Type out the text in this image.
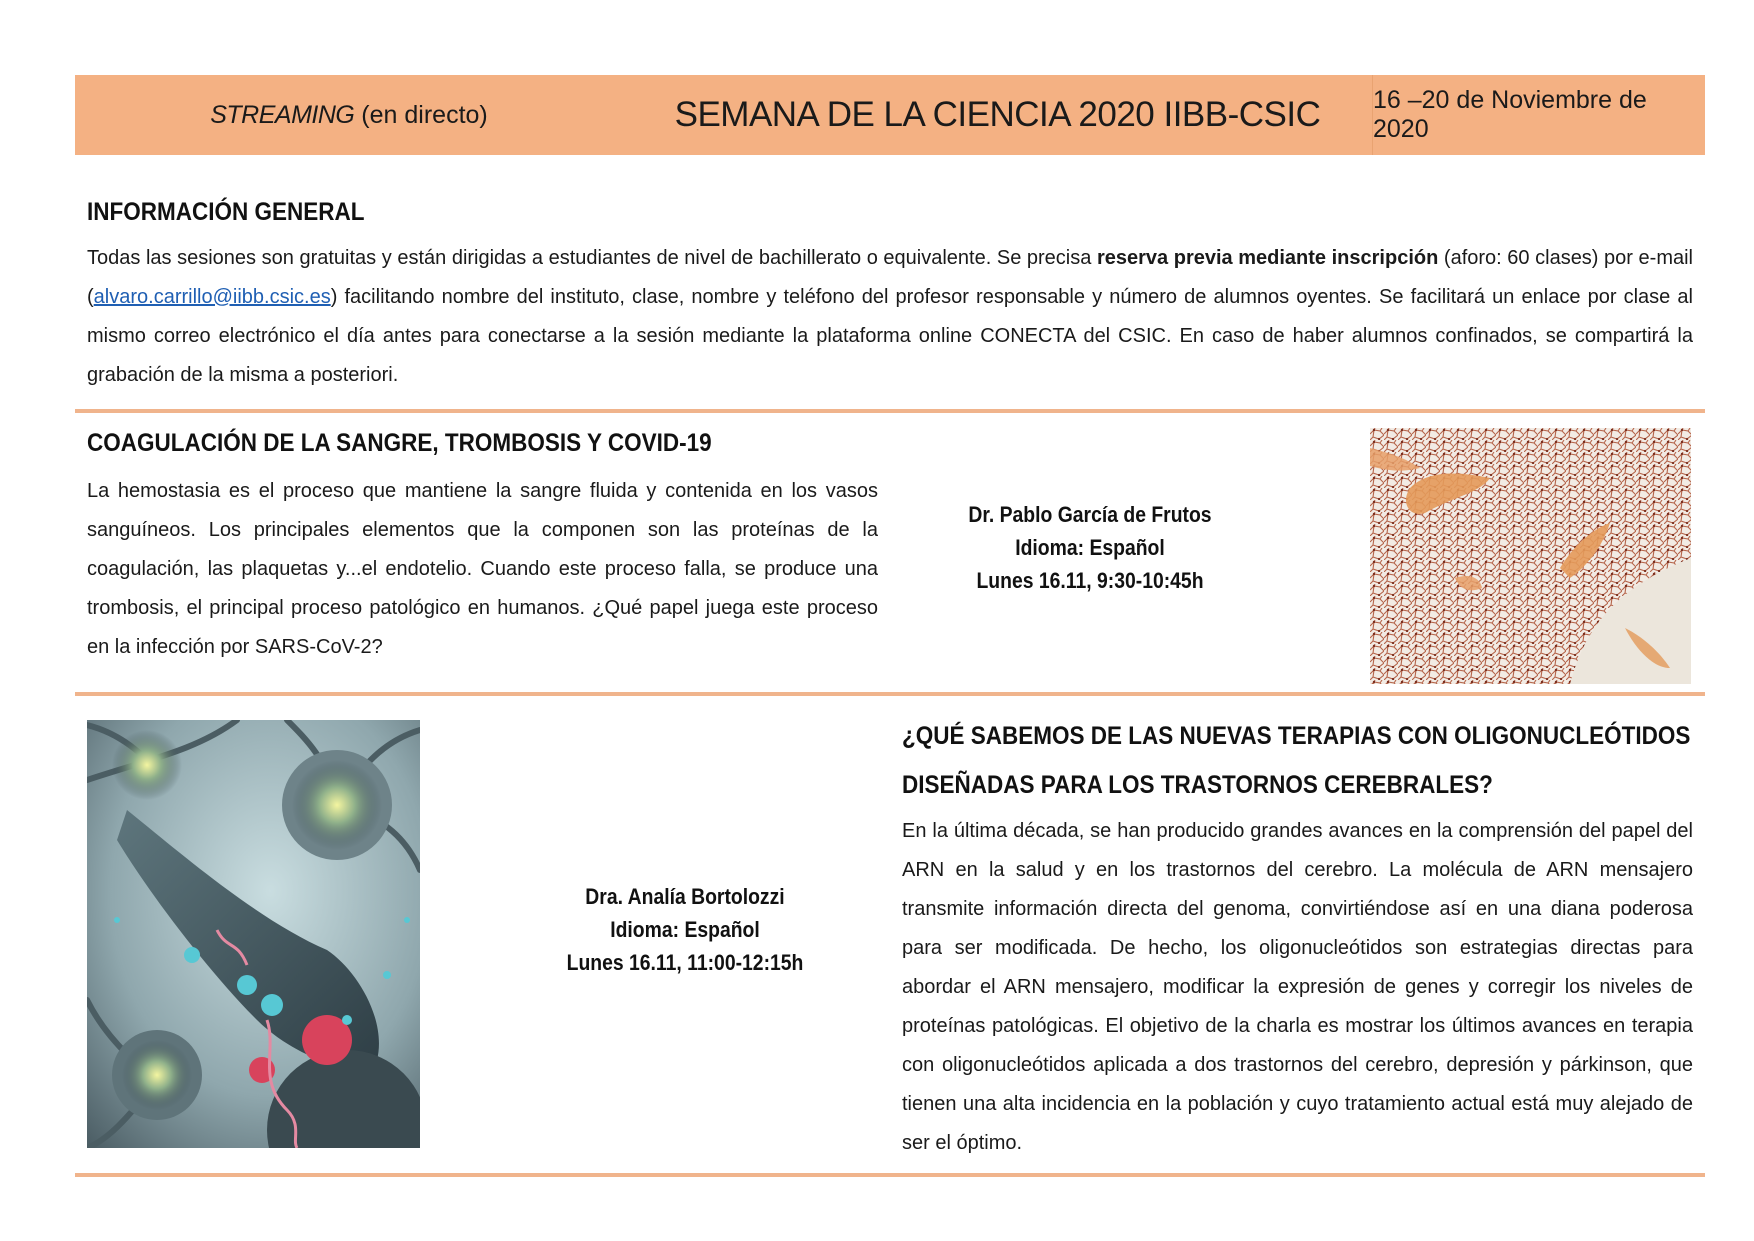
STREAMING (en directo)	SEMANA DE LA CIENCIA 2020 IIBB-CSIC	16 –20 de Noviembre de 2020
INFORMACIÓN GENERAL
Todas las sesiones son gratuitas y están dirigidas a estudiantes de nivel de bachillerato o equivalente. Se precisa reserva previa mediante inscripción (aforo: 60 clases) por e-mail (alvaro.carrillo@iibb.csic.es) facilitando nombre del instituto, clase, nombre y teléfono del profesor responsable y número de alumnos oyentes. Se facilitará un enlace por clase al mismo correo electrónico el día antes para conectarse a la sesión mediante la plataforma online CONECTA del CSIC. En caso de haber alumnos confinados, se compartirá la grabación de la misma a posteriori.
COAGULACIÓN DE LA SANGRE, TROMBOSIS Y COVID-19
La hemostasia es el proceso que mantiene la sangre fluida y contenida en los vasos sanguíneos. Los principales elementos que la componen son las proteínas de la coagulación, las plaquetas y...el endotelio. Cuando este proceso falla, se produce una trombosis, el principal proceso patológico en humanos. ¿Qué papel juega este proceso en la infección por SARS-CoV-2?
Dr. Pablo García de Frutos
Idioma: Español
Lunes 16.11, 9:30-10:45h
Dra. Analía Bortolozzi
Idioma: Español
Lunes 16.11, 11:00-12:15h
¿QUÉ SABEMOS DE LAS NUEVAS TERAPIAS CON OLIGONUCLEÓTIDOS
DISEÑADAS PARA LOS TRASTORNOS CEREBRALES?
En la última década, se han producido grandes avances en la comprensión del papel del ARN en la salud y en los trastornos del cerebro. La molécula de ARN mensajero transmite información directa del genoma, convirtiéndose así en una diana poderosa para ser modificada. De hecho, los oligonucleótidos son estrategias directas para abordar el ARN mensajero, modificar la expresión de genes y corregir los niveles de proteínas patológicas. El objetivo de la charla es mostrar los últimos avances en terapia con oligonucleótidos aplicada a dos trastornos del cerebro, depresión y párkinson, que tienen una alta incidencia en la población y cuyo tratamiento actual está muy alejado de ser el óptimo.
